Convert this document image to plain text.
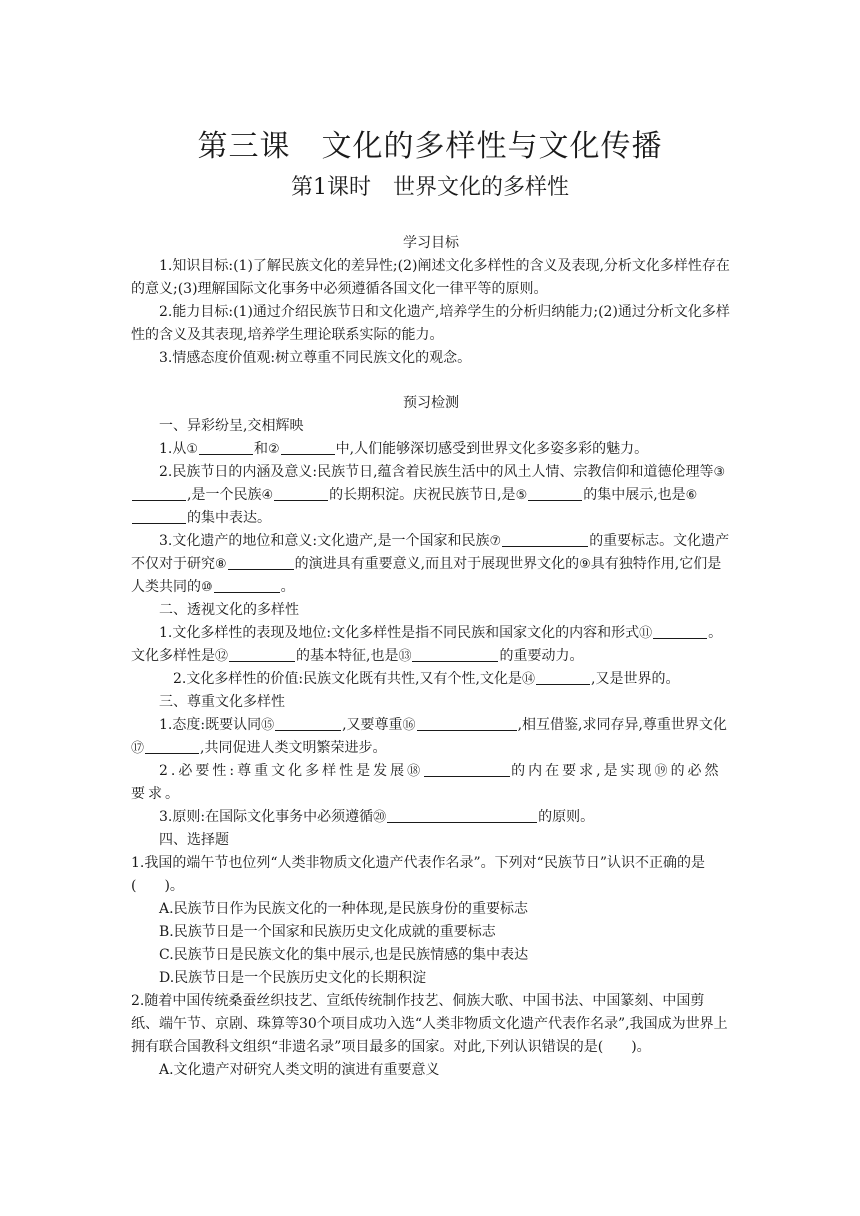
第三课　文化的多样性与文化传播
第1课时　世界文化的多样性

学习目标

1.知识目标:(1)了解民族文化的差异性;(2)阐述文化多样性的含义及表现,分析文化多样性存在的意义;(3)理解国际文化事务中必须遵循各国文化一律平等的原则。

2.能力目标:(1)通过介绍民族节日和文化遗产,培养学生的分析归纳能力;(2)通过分析文化多样性的含义及其表现,培养学生理论联系实际的能力。

3.情感态度价值观:树立尊重不同民族文化的观念。

预习检测

一、异彩纷呈,交相辉映

1.从①	和②	中,人们能够深切感受到世界文化多姿多彩的魅力。

2.民族节日的内涵及意义:民族节日,蕴含着民族生活中的风土人情、宗教信仰和道德伦理等③,是一个民族④	的长期积淀。庆祝民族节日,是⑤	的集中展示,也是⑥的集中表达。

3.文化遗产的地位和意义:文化遗产,是一个国家和民族⑦	的重要标志。文化遗产不仅对于研究⑧	的演进具有重要意义,而且对于展现世界文化的⑨具有独特作用,它们是人类共同的⑩	。

二、透视文化的多样性

1.文化多样性的表现及地位:文化多样性是指不同民族和国家文化的内容和形式⑪	。文化多样性是⑫	的基本特征,也是⑬	的重要动力。

2.文化多样性的价值:民族文化既有共性,又有个性,文化是⑭	,又是世界的。

三、尊重文化多样性

1.态度:既要认同⑮	,又要尊重⑯	,相互借鉴,求同存异,尊重世界文化⑰	,共同促进人类文明繁荣进步。

2.必要性:尊重文化多样性是发展⑱	的内在要求,是实现⑲的必然要求。

3.原则:在国际文化事务中必须遵循⑳	的原则。

四、选择题

1.我国的端午节也位列“人类非物质文化遗产代表作名录”。下列对“民族节日”认识不正确的是(　　)。

A.民族节日作为民族文化的一种体现,是民族身份的重要标志

B.民族节日是一个国家和民族历史文化成就的重要标志

C.民族节日是民族文化的集中展示,也是民族情感的集中表达

D.民族节日是一个民族历史文化的长期积淀

2.随着中国传统桑蚕丝织技艺、宣纸传统制作技艺、侗族大歌、中国书法、中国篆刻、中国剪纸、端午节、京剧、珠算等30个项目成功入选“人类非物质文化遗产代表作名录”,我国成为世界上拥有联合国教科文组织“非遗名录”项目最多的国家。对此,下列认识错误的是(　　)。

A.文化遗产对研究人类文明的演进有重要意义
